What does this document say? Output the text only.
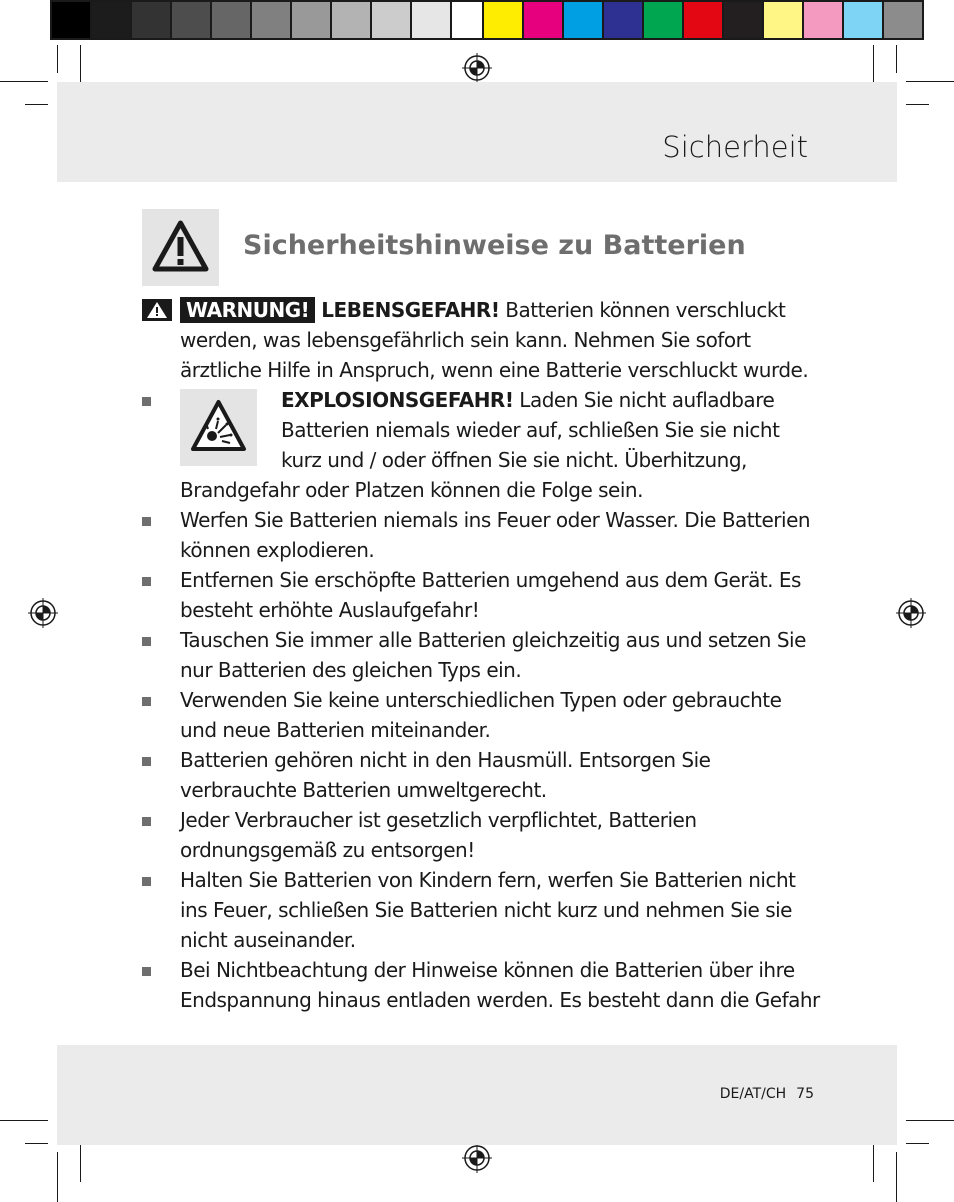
Sicherheit
Sicherheitshinweise zu Batterien

WARNUNG! LEBENSGEFAHR! Batterien können verschluckt werden, was lebensgefährlich sein kann. Nehmen Sie sofort ärztliche Hilfe in Anspruch, wenn eine Batterie verschluckt wurde.

EXPLOSIONSGEFAHR! Laden Sie nicht aufladbare Batterien niemals wieder auf, schließen Sie sie nicht kurz und / oder öffnen Sie sie nicht. Überhitzung, Brandgefahr oder Platzen können die Folge sein.

Werfen Sie Batterien niemals ins Feuer oder Wasser. Die Batterien können explodieren.

Entfernen Sie erschöpfte Batterien umgehend aus dem Gerät. Es besteht erhöhte Auslaufgefahr!

Tauschen Sie immer alle Batterien gleichzeitig aus und setzen Sie nur Batterien des gleichen Typs ein.

Verwenden Sie keine unterschiedlichen Typen oder gebrauchte und neue Batterien miteinander.

Batterien gehören nicht in den Hausmüll. Entsorgen Sie verbrauchte Batterien umweltgerecht.

Jeder Verbraucher ist gesetzlich verpflichtet, Batterien ordnungsgemäß zu entsorgen!

Halten Sie Batterien von Kindern fern, werfen Sie Batterien nicht ins Feuer, schließen Sie Batterien nicht kurz und nehmen Sie sie nicht auseinander.

Bei Nichtbeachtung der Hinweise können die Batterien über ihre Endspannung hinaus entladen werden. Es besteht dann die Gefahr

DE/AT/CH 75
